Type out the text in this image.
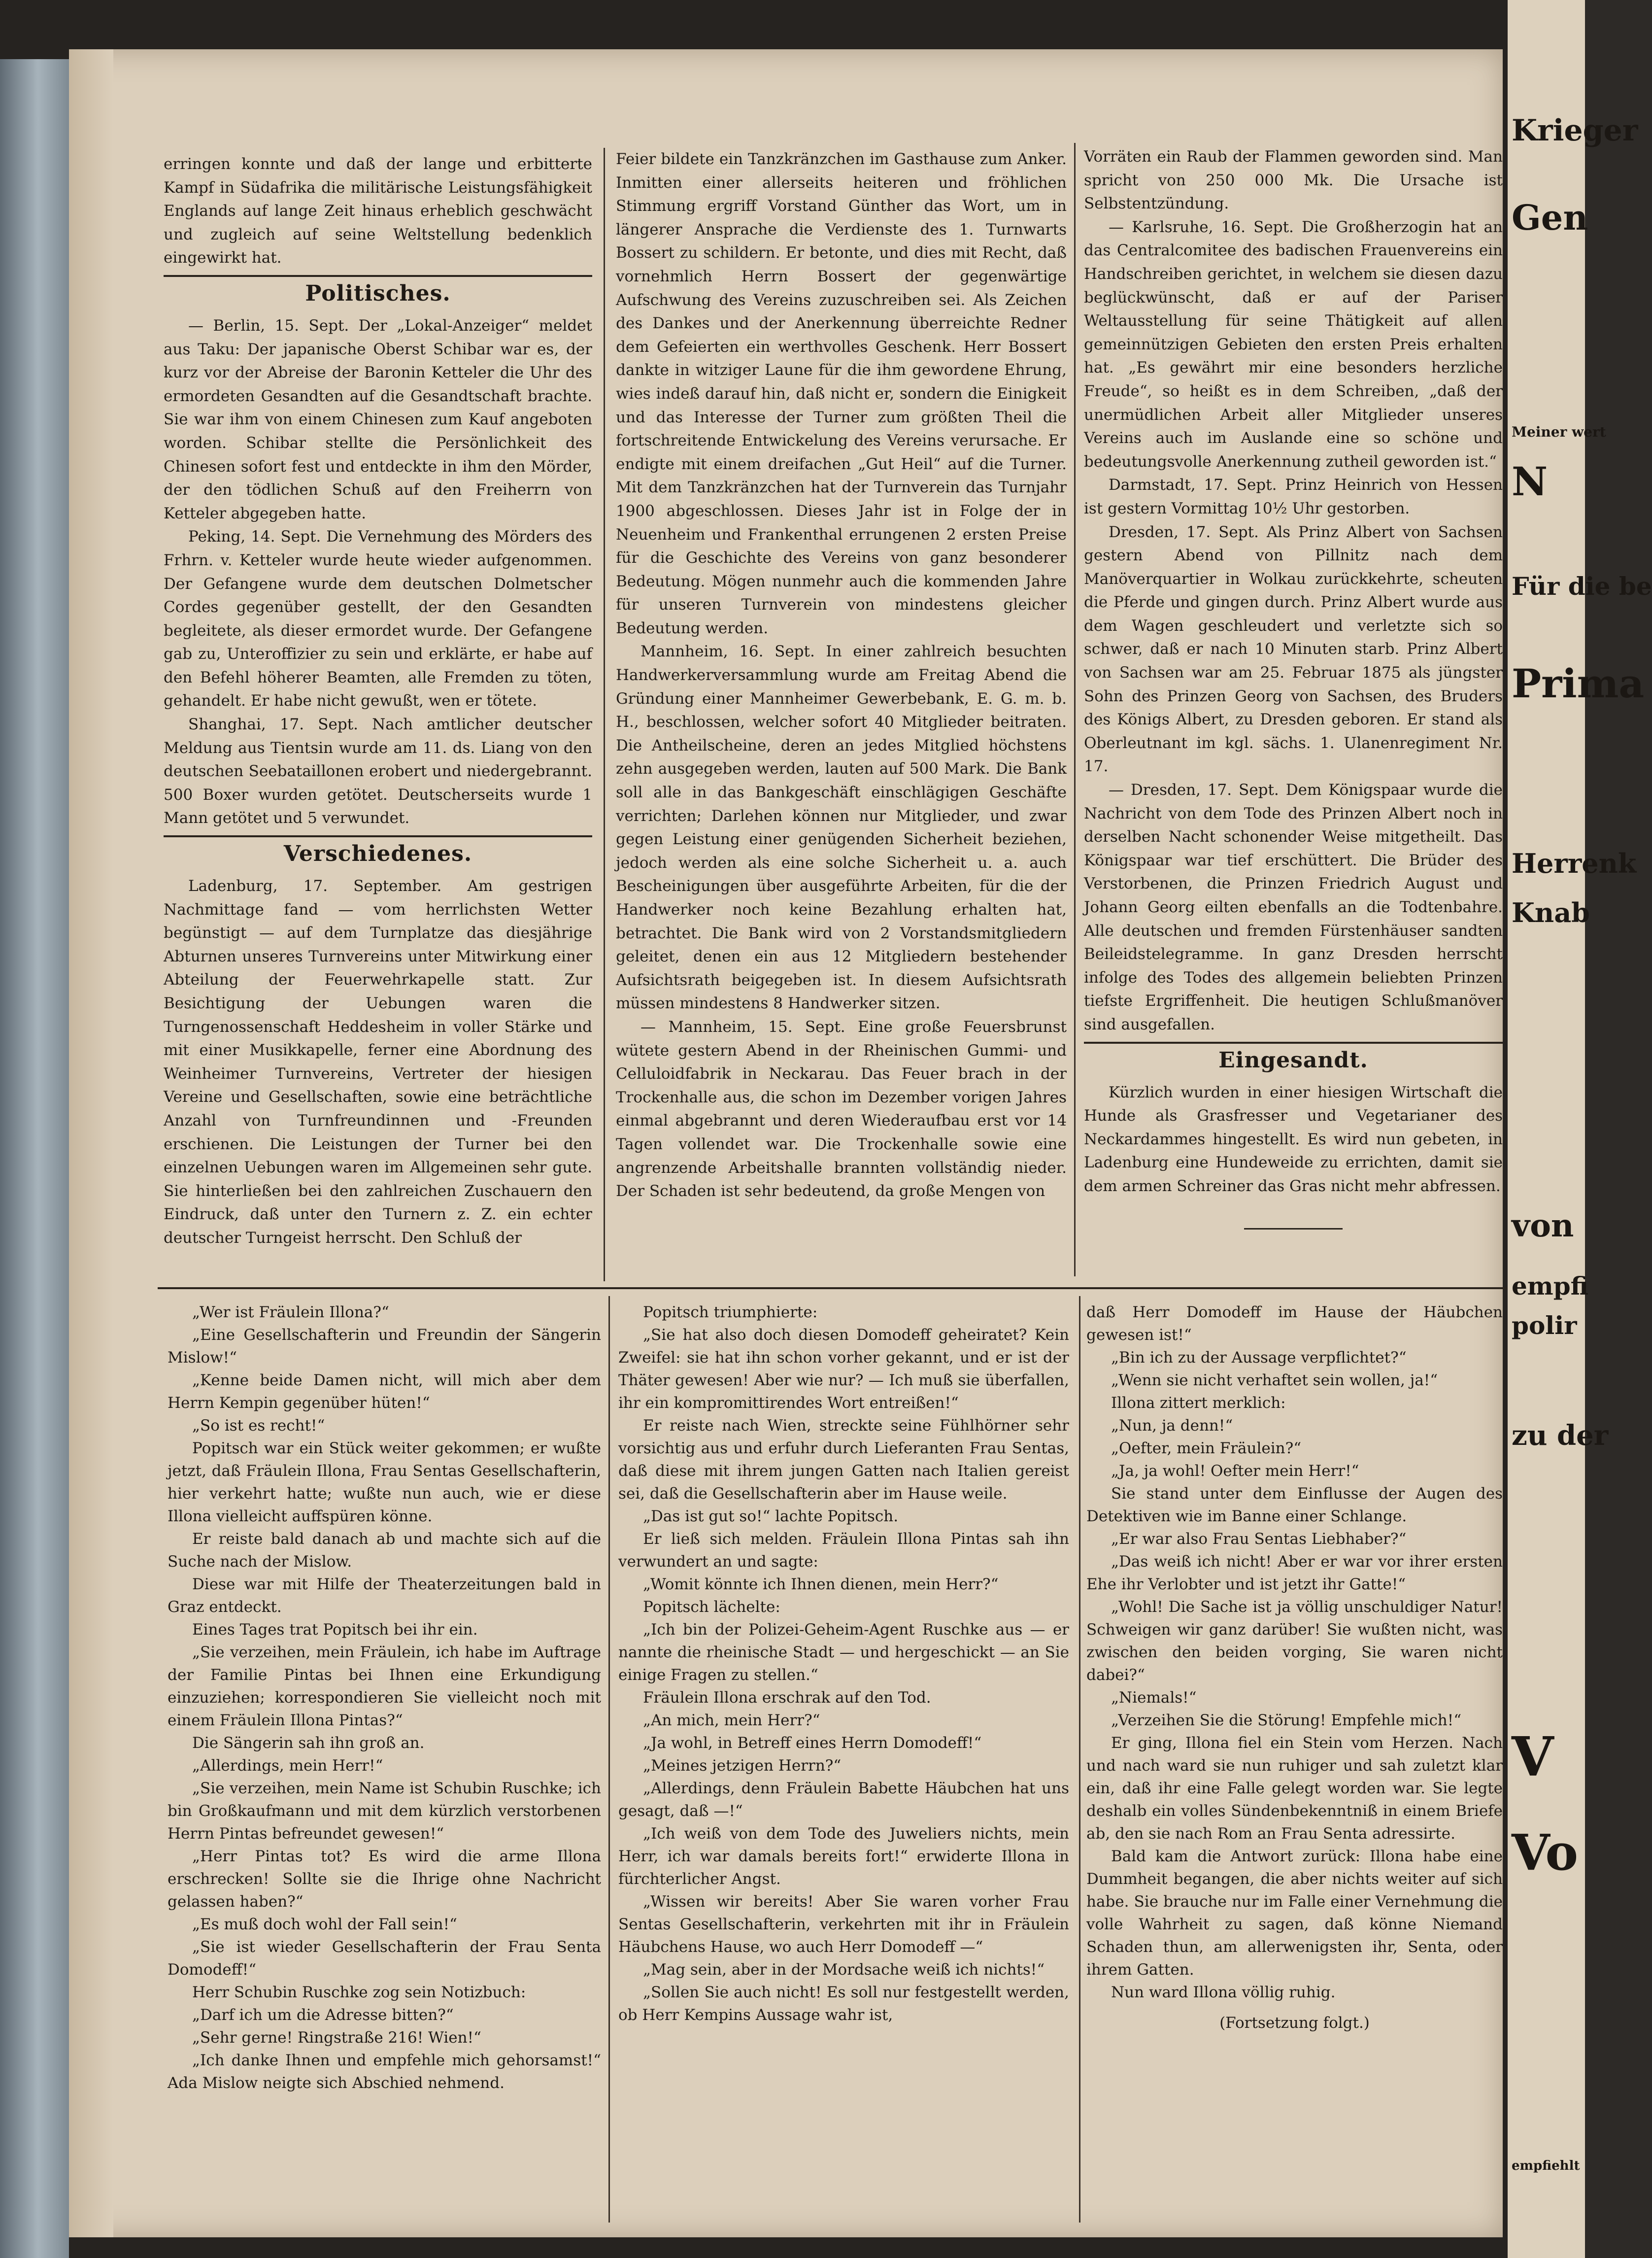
erringen konnte und daß der lange und erbitterte Kampf in Südafrika die militärische Leistungsfähigkeit Englands auf lange Zeit hinaus erheblich geschwächt und zugleich auf seine Weltstellung bedenklich eingewirkt hat.

Politisches.

— Berlin, 15. Sept. Der „Lokal-Anzeiger“ meldet aus Taku: Der japanische Oberst Schibar war es, der kurz vor der Abreise der Baronin Ketteler die Uhr des ermordeten Gesandten auf die Gesandtschaft brachte. Sie war ihm von einem Chinesen zum Kauf angeboten worden. Schibar stellte die Persönlichkeit des Chinesen sofort fest und entdeckte in ihm den Mörder, der den tödlichen Schuß auf den Freiherrn von Ketteler abgegeben hatte.

Peking, 14. Sept. Die Vernehmung des Mörders des Frhrn. v. Ketteler wurde heute wieder aufgenommen. Der Gefangene wurde dem deutschen Dolmetscher Cordes gegenüber gestellt, der den Gesandten begleitete, als dieser ermordet wurde. Der Gefangene gab zu, Unteroffizier zu sein und erklärte, er habe auf den Befehl höherer Beamten, alle Fremden zu töten, gehandelt. Er habe nicht gewußt, wen er tötete.

Shanghai, 17. Sept. Nach amtlicher deutscher Meldung aus Tientsin wurde am 11. ds. Liang von den deutschen Seebataillonen erobert und niedergebrannt. 500 Boxer wurden getötet. Deutscherseits wurde 1 Mann getötet und 5 verwundet.

Verschiedenes.

Ladenburg, 17. September. Am gestrigen Nachmittage fand — vom herrlichsten Wetter begünstigt — auf dem Turnplatze das diesjährige Abturnen unseres Turnvereins unter Mitwirkung einer Abteilung der Feuerwehrkapelle statt. Zur Besichtigung der Uebungen waren die Turngenossenschaft Heddesheim in voller Stärke und mit einer Musikkapelle, ferner eine Abordnung des Weinheimer Turnvereins, Vertreter der hiesigen Vereine und Gesellschaften, sowie eine beträchtliche Anzahl von Turnfreundinnen und -Freunden erschienen. Die Leistungen der Turner bei den einzelnen Uebungen waren im Allgemeinen sehr gute. Sie hinterließen bei den zahlreichen Zuschauern den Eindruck, daß unter den Turnern z. Z. ein echter deutscher Turngeist herrscht. Den Schluß der

Feier bildete ein Tanzkränzchen im Gasthause zum Anker. Inmitten einer allerseits heiteren und fröhlichen Stimmung ergriff Vorstand Günther das Wort, um in längerer Ansprache die Verdienste des 1. Turnwarts Bossert zu schildern. Er betonte, und dies mit Recht, daß vornehmlich Herrn Bossert der gegenwärtige Aufschwung des Vereins zuzuschreiben sei. Als Zeichen des Dankes und der Anerkennung überreichte Redner dem Gefeierten ein werthvolles Geschenk. Herr Bossert dankte in witziger Laune für die ihm gewordene Ehrung, wies indeß darauf hin, daß nicht er, sondern die Einigkeit und das Interesse der Turner zum größten Theil die fortschreitende Entwickelung des Vereins verursache. Er endigte mit einem dreifachen „Gut Heil“ auf die Turner. Mit dem Tanzkränzchen hat der Turnverein das Turnjahr 1900 abgeschlossen. Dieses Jahr ist in Folge der in Neuenheim und Frankenthal errungenen 2 ersten Preise für die Geschichte des Vereins von ganz besonderer Bedeutung. Mögen nunmehr auch die kommenden Jahre für unseren Turnverein von mindestens gleicher Bedeutung werden.

Mannheim, 16. Sept. In einer zahlreich besuchten Handwerkerversammlung wurde am Freitag Abend die Gründung einer Mannheimer Gewerbebank, E. G. m. b. H., beschlossen, welcher sofort 40 Mitglieder beitraten. Die Antheilscheine, deren an jedes Mitglied höchstens zehn ausgegeben werden, lauten auf 500 Mark. Die Bank soll alle in das Bankgeschäft einschlägigen Geschäfte verrichten; Darlehen können nur Mitglieder, und zwar gegen Leistung einer genügenden Sicherheit beziehen, jedoch werden als eine solche Sicherheit u. a. auch Bescheinigungen über ausgeführte Arbeiten, für die der Handwerker noch keine Bezahlung erhalten hat, betrachtet. Die Bank wird von 2 Vorstandsmitgliedern geleitet, denen ein aus 12 Mitgliedern bestehender Aufsichtsrath beigegeben ist. In diesem Aufsichtsrath müssen mindestens 8 Handwerker sitzen.

— Mannheim, 15. Sept. Eine große Feuersbrunst wütete gestern Abend in der Rheinischen Gummi- und Celluloidfabrik in Neckarau. Das Feuer brach in der Trockenhalle aus, die schon im Dezember vorigen Jahres einmal abgebrannt und deren Wiederaufbau erst vor 14 Tagen vollendet war. Die Trockenhalle sowie eine angrenzende Arbeitshalle brannten vollständig nieder. Der Schaden ist sehr bedeutend, da große Mengen von

Vorräten ein Raub der Flammen geworden sind. Man spricht von 250 000 Mk. Die Ursache ist Selbstentzündung.

— Karlsruhe, 16. Sept. Die Großherzogin hat an das Centralcomitee des badischen Frauenvereins ein Handschreiben gerichtet, in welchem sie diesen dazu beglückwünscht, daß er auf der Pariser Weltausstellung für seine Thätigkeit auf allen gemeinnützigen Gebieten den ersten Preis erhalten hat. „Es gewährt mir eine besonders herzliche Freude“, so heißt es in dem Schreiben, „daß der unermüdlichen Arbeit aller Mitglieder unseres Vereins auch im Auslande eine so schöne und bedeutungsvolle Anerkennung zutheil geworden ist.“

Darmstadt, 17. Sept. Prinz Heinrich von Hessen ist gestern Vormittag 10½ Uhr gestorben.

Dresden, 17. Sept. Als Prinz Albert von Sachsen gestern Abend von Pillnitz nach dem Manöverquartier in Wolkau zurückkehrte, scheuten die Pferde und gingen durch. Prinz Albert wurde aus dem Wagen geschleudert und verletzte sich so schwer, daß er nach 10 Minuten starb. Prinz Albert von Sachsen war am 25. Februar 1875 als jüngster Sohn des Prinzen Georg von Sachsen, des Bruders des Königs Albert, zu Dresden geboren. Er stand als Oberleutnant im kgl. sächs. 1. Ulanenregiment Nr. 17.

— Dresden, 17. Sept. Dem Königspaar wurde die Nachricht von dem Tode des Prinzen Albert noch in derselben Nacht schonender Weise mitgetheilt. Das Königspaar war tief erschüttert. Die Brüder des Verstorbenen, die Prinzen Friedrich August und Johann Georg eilten ebenfalls an die Todtenbahre. Alle deutschen und fremden Fürstenhäuser sandten Beileidstelegramme. In ganz Dresden herrscht infolge des Todes des allgemein beliebten Prinzen tiefste Ergriffenheit. Die heutigen Schlußmanöver sind ausgefallen.

Eingesandt.

Kürzlich wurden in einer hiesigen Wirtschaft die Hunde als Grasfresser und Vegetarianer des Neckardammes hingestellt. Es wird nun gebeten, in Ladenburg eine Hundeweide zu errichten, damit sie dem armen Schreiner das Gras nicht mehr abfressen.

„Wer ist Fräulein Illona?“

„Eine Gesellschafterin und Freundin der Sängerin Mislow!“

„Kenne beide Damen nicht, will mich aber dem Herrn Kempin gegenüber hüten!“

„So ist es recht!“

Popitsch war ein Stück weiter gekommen; er wußte jetzt, daß Fräulein Illona, Frau Sentas Gesellschafterin, hier verkehrt hatte; wußte nun auch, wie er diese Illona vielleicht auffspüren könne.

Er reiste bald danach ab und machte sich auf die Suche nach der Mislow.

Diese war mit Hilfe der Theaterzeitungen bald in Graz entdeckt.

Eines Tages trat Popitsch bei ihr ein.

„Sie verzeihen, mein Fräulein, ich habe im Auftrage der Familie Pintas bei Ihnen eine Erkundigung einzuziehen; korrespondieren Sie vielleicht noch mit einem Fräulein Illona Pintas?“

Die Sängerin sah ihn groß an.

„Allerdings, mein Herr!“

„Sie verzeihen, mein Name ist Schubin Ruschke; ich bin Großkaufmann und mit dem kürzlich verstorbenen Herrn Pintas befreundet gewesen!“

„Herr Pintas tot? Es wird die arme Illona erschrecken! Sollte sie die Ihrige ohne Nachricht gelassen haben?“

„Es muß doch wohl der Fall sein!“

„Sie ist wieder Gesellschafterin der Frau Senta Domodeff!“

Herr Schubin Ruschke zog sein Notizbuch:

„Darf ich um die Adresse bitten?“

„Sehr gerne! Ringstraße 216! Wien!“

„Ich danke Ihnen und empfehle mich gehorsamst!“ Ada Mislow neigte sich Abschied nehmend.

Popitsch triumphierte:

„Sie hat also doch diesen Domodeff geheiratet? Kein Zweifel: sie hat ihn schon vorher gekannt, und er ist der Thäter gewesen! Aber wie nur? — Ich muß sie überfallen, ihr ein kompromittirendes Wort entreißen!“

Er reiste nach Wien, streckte seine Fühlhörner sehr vorsichtig aus und erfuhr durch Lieferanten Frau Sentas, daß diese mit ihrem jungen Gatten nach Italien gereist sei, daß die Gesellschafterin aber im Hause weile.

„Das ist gut so!“ lachte Popitsch.

Er ließ sich melden. Fräulein Illona Pintas sah ihn verwundert an und sagte:

„Womit könnte ich Ihnen dienen, mein Herr?“

Popitsch lächelte:

„Ich bin der Polizei-Geheim-Agent Ruschke aus — er nannte die rheinische Stadt — und hergeschickt — an Sie einige Fragen zu stellen.“

Fräulein Illona erschrak auf den Tod.

„An mich, mein Herr?“

„Ja wohl, in Betreff eines Herrn Domodeff!“

„Meines jetzigen Herrn?“

„Allerdings, denn Fräulein Babette Häubchen hat uns gesagt, daß —!“

„Ich weiß von dem Tode des Juweliers nichts, mein Herr, ich war damals bereits fort!“ erwiderte Illona in fürchterlicher Angst.

„Wissen wir bereits! Aber Sie waren vorher Frau Sentas Gesellschafterin, verkehrten mit ihr in Fräulein Häubchens Hause, wo auch Herr Domodeff —“

„Mag sein, aber in der Mordsache weiß ich nichts!“

„Sollen Sie auch nicht! Es soll nur festgestellt werden, ob Herr Kempins Aussage wahr ist,

daß Herr Domodeff im Hause der Häubchen gewesen ist!“

„Bin ich zu der Aussage verpflichtet?“

„Wenn sie nicht verhaftet sein wollen, ja!“

Illona zittert merklich:

„Nun, ja denn!“

„Oefter, mein Fräulein?“

„Ja, ja wohl! Oefter mein Herr!“

Sie stand unter dem Einflusse der Augen des Detektiven wie im Banne einer Schlange.

„Er war also Frau Sentas Liebhaber?“

„Das weiß ich nicht! Aber er war vor ihrer ersten Ehe ihr Verlobter und ist jetzt ihr Gatte!“

„Wohl! Die Sache ist ja völlig unschuldiger Natur! Schweigen wir ganz darüber! Sie wußten nicht, was zwischen den beiden vorging, Sie waren nicht dabei?“

„Niemals!“

„Verzeihen Sie die Störung! Empfehle mich!“

Er ging, Illona fiel ein Stein vom Herzen. Nach und nach ward sie nun ruhiger und sah zuletzt klar ein, daß ihr eine Falle gelegt worden war. Sie legte deshalb ein volles Sündenbekenntniß in einem Briefe ab, den sie nach Rom an Frau Senta adressirte.

Bald kam die Antwort zurück: Illona habe eine Dummheit begangen, die aber nichts weiter auf sich habe. Sie brauche nur im Falle einer Vernehmung die volle Wahrheit zu sagen, daß könne Niemand Schaden thun, am allerwenigsten ihr, Senta, oder ihrem Gatten.

Nun ward Illona völlig ruhig.

(Fortsetzung folgt.)

Krieger
Gen
Meiner wert
N
Für die be
Prima
Herrenk
Knab
von
empfi
polir
zu der
V
Vo
empfiehlt
